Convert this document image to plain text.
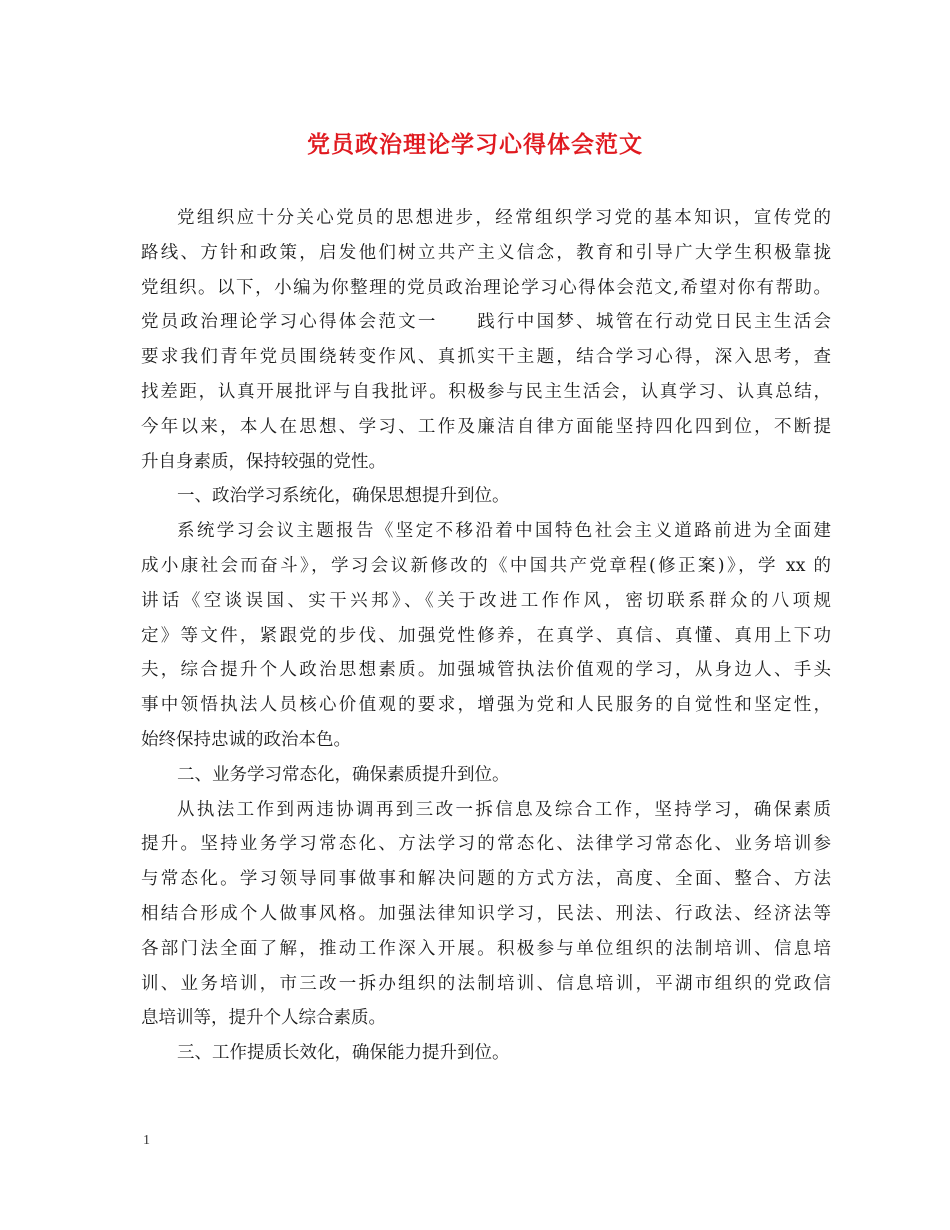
党员政治理论学习心得体会范文
党组织应十分关心党员的思想进步，经常组织学习党的基本知识，宣传党的
路线、方针和政策，启发他们树立共产主义信念，教育和引导广大学生积极靠拢
党组织。以下，小编为你整理的党员政治理论学习心得体会范文,希望对你有帮助。
党员政治理论学习心得体会范文一　　践行中国梦、城管在行动党日民主生活会
要求我们青年党员围绕转变作风、真抓实干主题，结合学习心得，深入思考，查
找差距，认真开展批评与自我批评。积极参与民主生活会，认真学习、认真总结，
今年以来，本人在思想、学习、工作及廉洁自律方面能坚持四化四到位，不断提
升自身素质，保持较强的党性。
一、政治学习系统化，确保思想提升到位。
系统学习会议主题报告《坚定不移沿着中国特色社会主义道路前进为全面建
成小康社会而奋斗》，学习会议新修改的《中国共产党章程(修正案)》，学 xx 的
讲话《空谈误国、实干兴邦》、《关于改进工作作风，密切联系群众的八项规
定》等文件，紧跟党的步伐、加强党性修养，在真学、真信、真懂、真用上下功
夫，综合提升个人政治思想素质。加强城管执法价值观的学习，从身边人、手头
事中领悟执法人员核心价值观的要求，增强为党和人民服务的自觉性和坚定性，
始终保持忠诚的政治本色。
二、业务学习常态化，确保素质提升到位。
从执法工作到两违协调再到三改一拆信息及综合工作，坚持学习，确保素质
提升。坚持业务学习常态化、方法学习的常态化、法律学习常态化、业务培训参
与常态化。学习领导同事做事和解决问题的方式方法，高度、全面、整合、方法
相结合形成个人做事风格。加强法律知识学习，民法、刑法、行政法、经济法等
各部门法全面了解，推动工作深入开展。积极参与单位组织的法制培训、信息培
训、业务培训，市三改一拆办组织的法制培训、信息培训，平湖市组织的党政信
息培训等，提升个人综合素质。
三、工作提质长效化，确保能力提升到位。
1
